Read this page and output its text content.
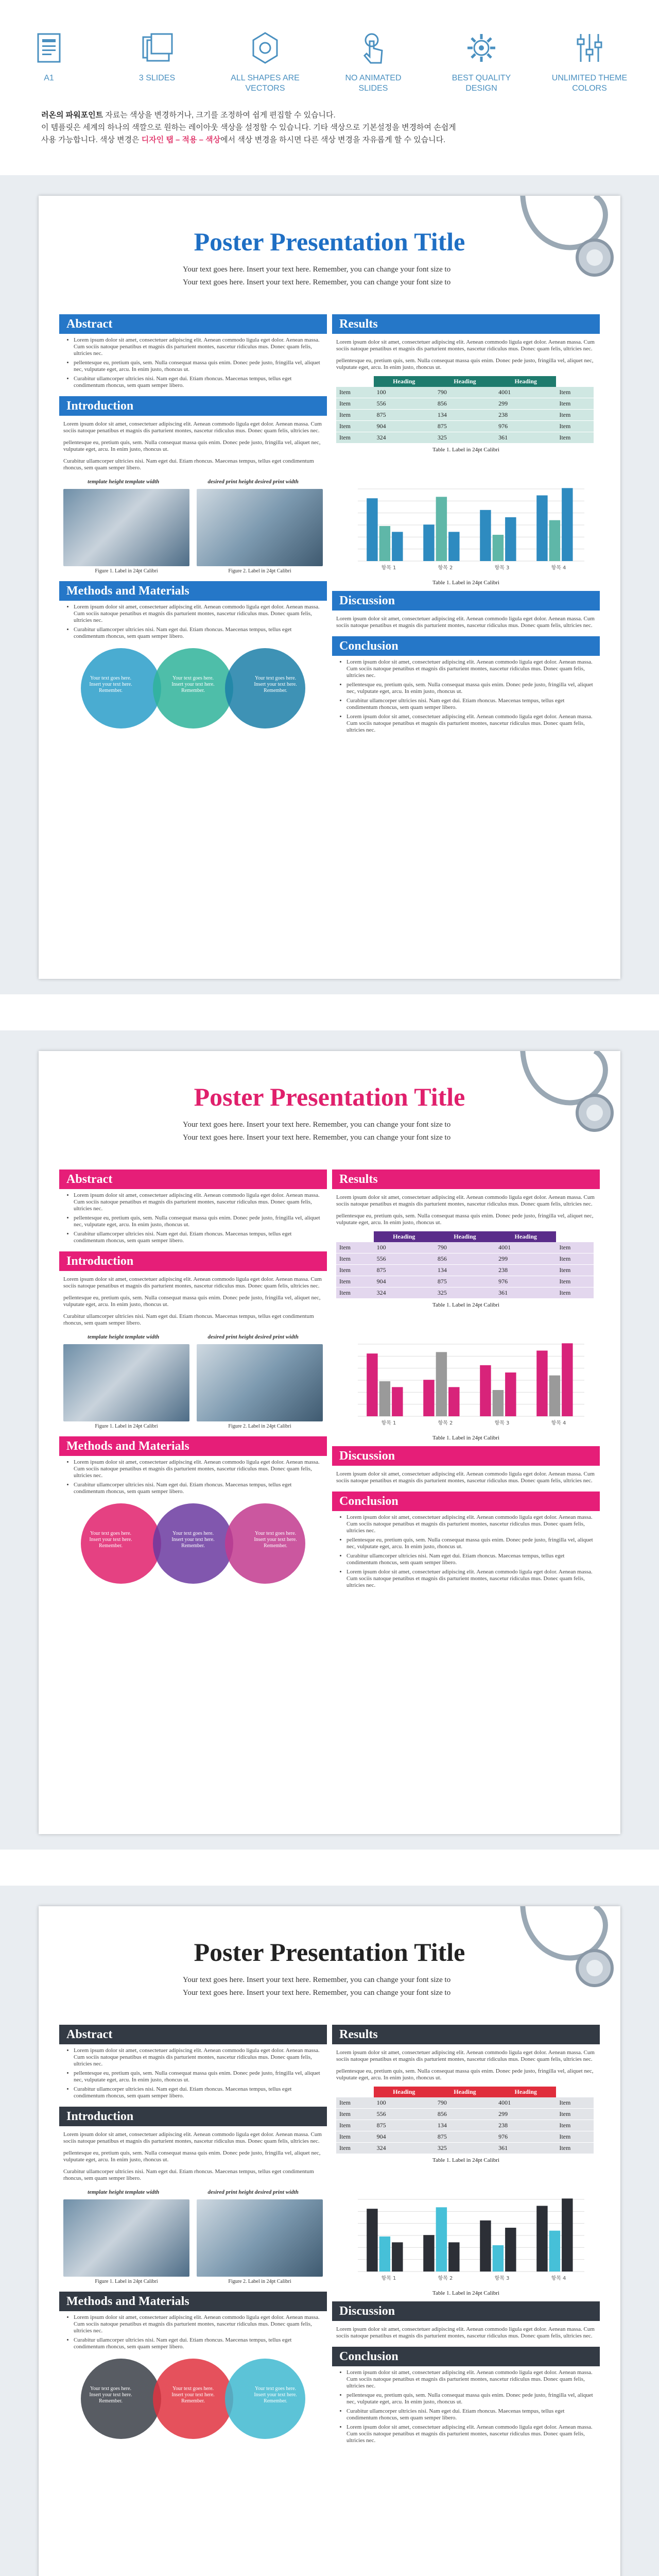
A1	3 SLIDES	ALL SHAPES ARE VECTORS
NO ANIMATED SLIDES
BEST QUALITY DESIGN
UNLIMITED THEME COLORS
러온의 파워포인트 자료는 색상을 변경하거나, 크기를 조정하여 쉽게 편집할 수 있습니다.
이 템플릿은 세계의 하나의 색깔으로 원하는 레이아웃 색상을 설정할 수 있습니다. 기타 색상으로 기본설정을 변경하여 손쉽게
사용 가능합니다. 색상 변경은 디자인 탭 – 적용 – 색상에서 색상 변경을 하시면 다른 색상 변경을 자유롭게 할 수 있습니다.
Poster Presentation Title
Your text goes here. Insert your text here. Remember, you can change your font size to
Your text goes here. Insert your text here. Remember, you can change your font size to
Abstract
• Lorem ipsum dolor sit amet, consectetuer adipiscing elit. Aenean commodo ligula eget dolor. Aenean massa. Cum sociis natoque penatibus et magnis dis parturient montes, nascetur ridiculus mus. Donec quam felis, ultricies nec.
• pellentesque eu, pretium quis, sem. Nulla consequat massa quis enim. Donec pede justo, fringilla vel, aliquet nec, vulputate eget, arcu. In enim justo, rhoncus ut.
• Curabitur ullamcorper ultricies nisi. Nam eget dui. Etiam rhoncus. Maecenas tempus, tellus eget condimentum rhoncus, sem quam semper libero.
Introduction

Lorem ipsum dolor sit amet, consectetuer adipiscing elit. Aenean commodo ligula eget dolor. Aenean massa. Cum sociis natoque penatibus et magnis dis parturient montes, nascetur ridiculus mus. Donec quam felis, ultricies nec.

pellentesque eu, pretium quis, sem. Nulla consequat massa quis enim. Donec pede justo, fringilla vel, aliquet nec, vulputate eget, arcu. In enim justo, rhoncus ut.

Curabitur ullamcorper ultricies nisi. Nam eget dui. Etiam rhoncus. Maecenas tempus, tellus eget condimentum rhoncus, sem quam semper libero.

template height template width	desired print height desired print width
Figure 1. Label in 24pt Calibri	Figure 2. Label in 24pt Calibri
Methods and Materials
• Lorem ipsum dolor sit amet, consectetuer adipiscing elit. Aenean commodo ligula eget dolor. Aenean massa. Cum sociis natoque penatibus et magnis dis parturient montes, nascetur ridiculus mus. Donec quam felis, ultricies nec.
• Curabitur ullamcorper ultricies nisi. Nam eget dui. Etiam rhoncus. Maecenas tempus, tellus eget condimentum rhoncus, sem quam semper libero.
Your text goes here. Insert your text here. Remember.
Your text goes here. Insert your text here. Remember.
Your text goes here. Insert your text here. Remember.
Results

Lorem ipsum dolor sit amet, consectetuer adipiscing elit. Aenean commodo ligula eget dolor. Aenean massa. Cum sociis natoque penatibus et magnis dis parturient montes, nascetur ridiculus mus. Donec quam felis, ultricies nec.

pellentesque eu, pretium quis, sem. Nulla consequat massa quis enim. Donec pede justo, fringilla vel, aliquet nec, vulputate eget, arcu. In enim justo, rhoncus ut.

	Heading	Heading	Heading	
Item	100	790	4001	Item
Item	556	856	299	Item
Item	875	134	238	Item
Item	904	875	976	Item
Item	324	325	361	Item
Table 1. Label in 24pt Calibri
항목 1	항목 2	항목 3	항목 4
Table 1. Label in 24pt Calibri
Discussion

Lorem ipsum dolor sit amet, consectetuer adipiscing elit. Aenean commodo ligula eget dolor. Aenean massa. Cum sociis natoque penatibus et magnis dis parturient montes, nascetur ridiculus mus. Donec quam felis, ultricies nec.

Conclusion
• Lorem ipsum dolor sit amet, consectetuer adipiscing elit. Aenean commodo ligula eget dolor. Aenean massa. Cum sociis natoque penatibus et magnis dis parturient montes, nascetur ridiculus mus. Donec quam felis, ultricies nec.
• pellentesque eu, pretium quis, sem. Nulla consequat massa quis enim. Donec pede justo, fringilla vel, aliquet nec, vulputate eget, arcu. In enim justo, rhoncus ut.
• Curabitur ullamcorper ultricies nisi. Nam eget dui. Etiam rhoncus. Maecenas tempus, tellus eget condimentum rhoncus, sem quam semper libero.
• Lorem ipsum dolor sit amet, consectetuer adipiscing elit. Aenean commodo ligula eget dolor. Aenean massa. Cum sociis natoque penatibus et magnis dis parturient montes, nascetur ridiculus mus. Donec quam felis, ultricies nec.
Poster Presentation Title
Your text goes here. Insert your text here. Remember, you can change your font size to
Your text goes here. Insert your text here. Remember, you can change your font size to
Abstract
• Lorem ipsum dolor sit amet, consectetuer adipiscing elit. Aenean commodo ligula eget dolor. Aenean massa. Cum sociis natoque penatibus et magnis dis parturient montes, nascetur ridiculus mus. Donec quam felis, ultricies nec.
• pellentesque eu, pretium quis, sem. Nulla consequat massa quis enim. Donec pede justo, fringilla vel, aliquet nec, vulputate eget, arcu. In enim justo, rhoncus ut.
• Curabitur ullamcorper ultricies nisi. Nam eget dui. Etiam rhoncus. Maecenas tempus, tellus eget condimentum rhoncus, sem quam semper libero.
Introduction

Lorem ipsum dolor sit amet, consectetuer adipiscing elit. Aenean commodo ligula eget dolor. Aenean massa. Cum sociis natoque penatibus et magnis dis parturient montes, nascetur ridiculus mus. Donec quam felis, ultricies nec.

pellentesque eu, pretium quis, sem. Nulla consequat massa quis enim. Donec pede justo, fringilla vel, aliquet nec, vulputate eget, arcu. In enim justo, rhoncus ut.

Curabitur ullamcorper ultricies nisi. Nam eget dui. Etiam rhoncus. Maecenas tempus, tellus eget condimentum rhoncus, sem quam semper libero.

template height template width	desired print height desired print width
Figure 1. Label in 24pt Calibri	Figure 2. Label in 24pt Calibri
Methods and Materials
• Lorem ipsum dolor sit amet, consectetuer adipiscing elit. Aenean commodo ligula eget dolor. Aenean massa. Cum sociis natoque penatibus et magnis dis parturient montes, nascetur ridiculus mus. Donec quam felis, ultricies nec.
• Curabitur ullamcorper ultricies nisi. Nam eget dui. Etiam rhoncus. Maecenas tempus, tellus eget condimentum rhoncus, sem quam semper libero.
Your text goes here. Insert your text here. Remember.
Your text goes here. Insert your text here. Remember.
Your text goes here. Insert your text here. Remember.
Results

Lorem ipsum dolor sit amet, consectetuer adipiscing elit. Aenean commodo ligula eget dolor. Aenean massa. Cum sociis natoque penatibus et magnis dis parturient montes, nascetur ridiculus mus. Donec quam felis, ultricies nec.

pellentesque eu, pretium quis, sem. Nulla consequat massa quis enim. Donec pede justo, fringilla vel, aliquet nec, vulputate eget, arcu. In enim justo, rhoncus ut.

	Heading	Heading	Heading	
Item	100	790	4001	Item
Item	556	856	299	Item
Item	875	134	238	Item
Item	904	875	976	Item
Item	324	325	361	Item
Table 1. Label in 24pt Calibri
항목 1	항목 2	항목 3	항목 4
Table 1. Label in 24pt Calibri
Discussion

Lorem ipsum dolor sit amet, consectetuer adipiscing elit. Aenean commodo ligula eget dolor. Aenean massa. Cum sociis natoque penatibus et magnis dis parturient montes, nascetur ridiculus mus. Donec quam felis, ultricies nec.

Conclusion
• Lorem ipsum dolor sit amet, consectetuer adipiscing elit. Aenean commodo ligula eget dolor. Aenean massa. Cum sociis natoque penatibus et magnis dis parturient montes, nascetur ridiculus mus. Donec quam felis, ultricies nec.
• pellentesque eu, pretium quis, sem. Nulla consequat massa quis enim. Donec pede justo, fringilla vel, aliquet nec, vulputate eget, arcu. In enim justo, rhoncus ut.
• Curabitur ullamcorper ultricies nisi. Nam eget dui. Etiam rhoncus. Maecenas tempus, tellus eget condimentum rhoncus, sem quam semper libero.
• Lorem ipsum dolor sit amet, consectetuer adipiscing elit. Aenean commodo ligula eget dolor. Aenean massa. Cum sociis natoque penatibus et magnis dis parturient montes, nascetur ridiculus mus. Donec quam felis, ultricies nec.
Poster Presentation Title
Your text goes here. Insert your text here. Remember, you can change your font size to
Your text goes here. Insert your text here. Remember, you can change your font size to
Abstract
• Lorem ipsum dolor sit amet, consectetuer adipiscing elit. Aenean commodo ligula eget dolor. Aenean massa. Cum sociis natoque penatibus et magnis dis parturient montes, nascetur ridiculus mus. Donec quam felis, ultricies nec.
• pellentesque eu, pretium quis, sem. Nulla consequat massa quis enim. Donec pede justo, fringilla vel, aliquet nec, vulputate eget, arcu. In enim justo, rhoncus ut.
• Curabitur ullamcorper ultricies nisi. Nam eget dui. Etiam rhoncus. Maecenas tempus, tellus eget condimentum rhoncus, sem quam semper libero.
Introduction

Lorem ipsum dolor sit amet, consectetuer adipiscing elit. Aenean commodo ligula eget dolor. Aenean massa. Cum sociis natoque penatibus et magnis dis parturient montes, nascetur ridiculus mus. Donec quam felis, ultricies nec.

pellentesque eu, pretium quis, sem. Nulla consequat massa quis enim. Donec pede justo, fringilla vel, aliquet nec, vulputate eget, arcu. In enim justo, rhoncus ut.

Curabitur ullamcorper ultricies nisi. Nam eget dui. Etiam rhoncus. Maecenas tempus, tellus eget condimentum rhoncus, sem quam semper libero.

template height template width	desired print height desired print width
Figure 1. Label in 24pt Calibri	Figure 2. Label in 24pt Calibri
Methods and Materials
• Lorem ipsum dolor sit amet, consectetuer adipiscing elit. Aenean commodo ligula eget dolor. Aenean massa. Cum sociis natoque penatibus et magnis dis parturient montes, nascetur ridiculus mus. Donec quam felis, ultricies nec.
• Curabitur ullamcorper ultricies nisi. Nam eget dui. Etiam rhoncus. Maecenas tempus, tellus eget condimentum rhoncus, sem quam semper libero.
Your text goes here. Insert your text here. Remember.
Your text goes here. Insert your text here. Remember.
Your text goes here. Insert your text here. Remember.
Results

Lorem ipsum dolor sit amet, consectetuer adipiscing elit. Aenean commodo ligula eget dolor. Aenean massa. Cum sociis natoque penatibus et magnis dis parturient montes, nascetur ridiculus mus. Donec quam felis, ultricies nec.

pellentesque eu, pretium quis, sem. Nulla consequat massa quis enim. Donec pede justo, fringilla vel, aliquet nec, vulputate eget, arcu. In enim justo, rhoncus ut.

	Heading	Heading	Heading	
Item	100	790	4001	Item
Item	556	856	299	Item
Item	875	134	238	Item
Item	904	875	976	Item
Item	324	325	361	Item
Table 1. Label in 24pt Calibri
항목 1	항목 2	항목 3	항목 4
Table 1. Label in 24pt Calibri
Discussion

Lorem ipsum dolor sit amet, consectetuer adipiscing elit. Aenean commodo ligula eget dolor. Aenean massa. Cum sociis natoque penatibus et magnis dis parturient montes, nascetur ridiculus mus. Donec quam felis, ultricies nec.

Conclusion
• Lorem ipsum dolor sit amet, consectetuer adipiscing elit. Aenean commodo ligula eget dolor. Aenean massa. Cum sociis natoque penatibus et magnis dis parturient montes, nascetur ridiculus mus. Donec quam felis, ultricies nec.
• pellentesque eu, pretium quis, sem. Nulla consequat massa quis enim. Donec pede justo, fringilla vel, aliquet nec, vulputate eget, arcu. In enim justo, rhoncus ut.
• Curabitur ullamcorper ultricies nisi. Nam eget dui. Etiam rhoncus. Maecenas tempus, tellus eget condimentum rhoncus, sem quam semper libero.
• Lorem ipsum dolor sit amet, consectetuer adipiscing elit. Aenean commodo ligula eget dolor. Aenean massa. Cum sociis natoque penatibus et magnis dis parturient montes, nascetur ridiculus mus. Donec quam felis, ultricies nec.
